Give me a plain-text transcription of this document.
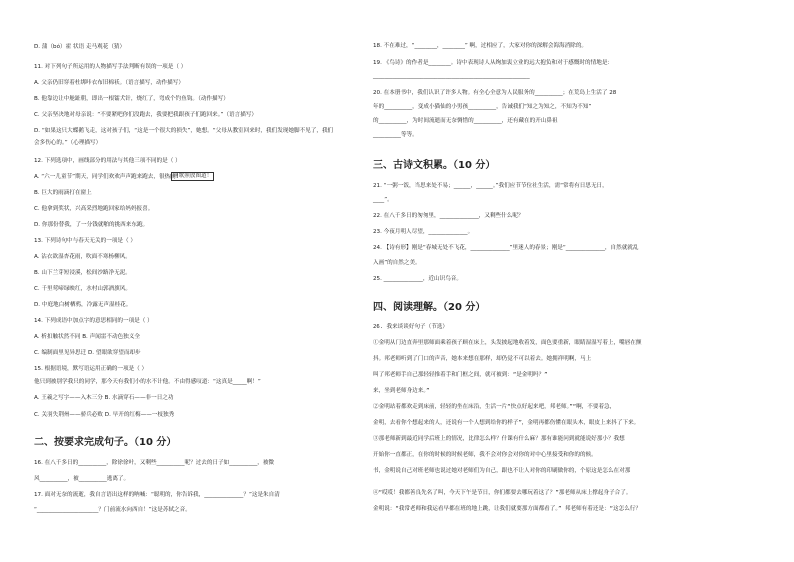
D. 蒲（bó）霍 状语 走马观花（猜）
11. 对下列句子所运用的人物描写手法判断有误的一项是（ ）
A. 父亲仍旧穿着杜绑咔衣布旧棉袄。（语言描写，动作描写）
B. 他靠边让中舱趾朝，即出一根镭犬针，烧红了，弯成个钓鱼钩。（动作描写）
C. 父亲坚决地对母亲说：“不要紧吧你们没跑去，我要把我跟孩子们跑回来。”（语言描写）
D. “如果这只大蝶鹅飞走，这对孩子们，“这是一个很大的损失”，她想。“父母从教室回来时，我们发现她脚不见了，我们
会多伤心的。”（心理描写）
12. 下列选项中，画线部分的用法与其他三项不同的是（ ）
A. “六一儿童节”期天，同学们欢欢声声跑来跑去，很热闹！
B. 巨大的雨滴打在窗上
C. 他拿到奖状，兴高采烈地跑回家给妈妈报喜。
D. 你那份替我，了一分钱就啪的挑西来东跑。
13. 下列诗句中与春天无关的一项是（ ）
A. 沾衣欲湿杏花雨，吹面不寒杨柳风。
B. 山下兰芽短浸溪，松间沙路净无泥。
C. 千里莺啼绿映红，水村山郭酒旗风。
D. 中庭地白树栖鸦，冷露无声湿桂花。
14. 下列成语中加点字的意思相同的一项是（ ）
A. 析扣触状然不同 B. 声闻雷不动色独义全
C. 编制面里见异思迁 D. 望眼欲穿望而却步
15. 根据语境，默写语运用正确的一项是（ ）
他只到被别学我只的同学，那今天有我们小的水不计他。不由得感叹道：“这真是_____啊！”
A. 王羲之写字——入木三分 B. 水滴穿石——非一日之功
C. 关羽失荆州——骄兵必败 D. 早开的红梅——一枝独秀
二、按要求完成句子。（10 分）
16. 在八千多日的__________，除徐徐叶，又剩些__________呢？过去的日子如__________，被微
风__________，被__________逃离了。
17. 面对无奈的流逝，我自言语出这样的呐喊：“聪明的，你告诉我，______________？”这是朱自清
“______________________？门前流水向西自！”这是苏轼之音。
18. 不在难过，“________，________” 啊，过相应了，大家对你的深解会海海消除的。
19. 《鸟诗》的作者是________。诗中表现诗人从绚加衷立业的远大抱负和对于感慨时的情地是：
________________________________________________________
20. 在本册书中，我们认识了许多人物。有全心全意为人民服务的__________；在荒岛上生活了 28
年的__________，变成小猫仙的小男孩__________，告诫我们“知之为知之，不知为不知”
的__________，为时间流逝而无奈惆惜的__________，还有藏在的开山鼻祖
__________等等。
三、古诗文积累。（10 分）
21. “一粥一饭，当思来处不易；______，______。”我们应节节位社生活，需“常将有日思无日，
____”。
22. 在八千多日的匆匆里，______________，又剩些什么呢？
23. 今夜月明人尽望，______________。
24. 【诗有形】刚是“春城无处不飞花，______________”里迷人的春景；刚是“______________，自然就就乱
入画”的自然之美。
25. ______________，近山识鸟音。
四、阅读理解。（20 分）
26. 我来谈谈好句子（节选）
①金明从门边直奔里那师面乘着孩子顾在床上，头发披起地收着发，面色要重新，眼睛湿湿写着上，嘴唇在颤
抖。邦老师听到了门口的声音，她本来想在那样，却仍觉不可以着去。她拥祥明啊，马上
叫了邦老师手自己那轻轻推着手和门框之间，就可被到：“是金明吗？”
来，坐到老师身边来。”
②金明站着都欢走到床前，轻轻的坐在床沿，生活一片“快点好起来吧，邦老师。”“啊，不要着急，
金明，去看你个想起来的人，还说有一个人想到给你的样子”，金明再都伤懂在眼头木，眼皮上来抖了下来。
③那老师新到最近同学后班上的情况，比律怎么样？什课有什么麻？那有谁能问到就能说好那小？我想
开始你一直都正，在你的时候的时候老师，我不会对你会对你的对中心里接受和你的的候。
书，金明说自己对班老师也说过她对老师们为自己，跟也不让人对你的印刷做你的，个原这是怎么在对那
④“哎哎！我都善良先名了叫，今天下午是节日，你们都要去哪玩着这了？”那老师从床上撑起身子合了。
金明说：“我常老师和我运看早都在班的地上跳，让我们就要那方面都看了。” 邦老师有着还是：“这怎么行？
同歌照放图道！
